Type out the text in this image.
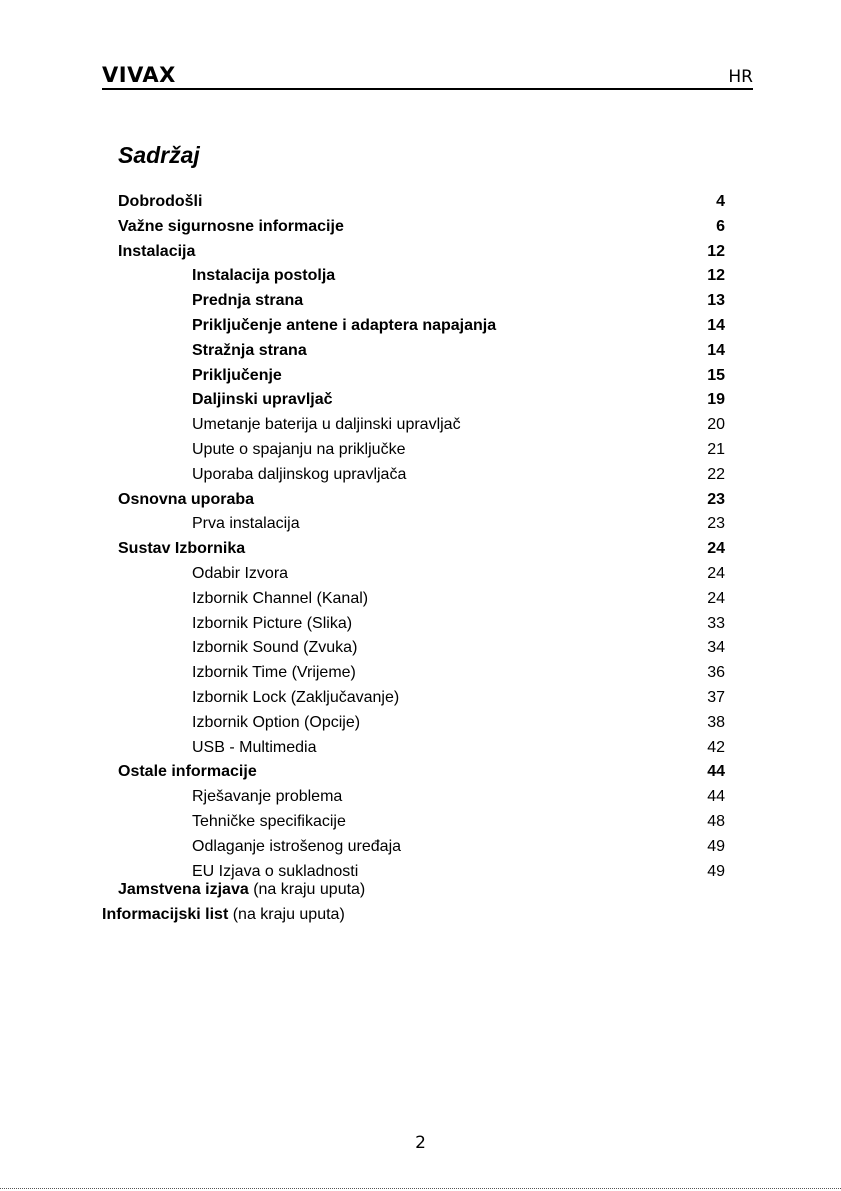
VIVAX	HR
Sadržaj
Dobrodošli	4
Važne sigurnosne informacije	6
Instalacija	12
Instalacija postolja	12
Prednja strana	13
Priključenje antene i adaptera napajanja	14
Stražnja strana	14
Priključenje	15
Daljinski upravljač	19
Umetanje baterija u daljinski upravljač	20
Upute o spajanju na priključke	21
Uporaba daljinskog upravljača	22
Osnovna uporaba	23
Prva instalacija	23
Sustav Izbornika	24
Odabir Izvora	24
Izbornik Channel (Kanal)	24
Izbornik Picture (Slika)	33
Izbornik Sound (Zvuka)	34
Izbornik Time (Vrijeme)	36
Izbornik Lock (Zaključavanje)	37
Izbornik Option (Opcije)	38
USB - Multimedia	42
Ostale informacije	44
Rješavanje problema	44
Tehničke specifikacije	48
Odlaganje istrošenog uređaja	49
EU Izjava o sukladnosti	49
Jamstvena izjava (na kraju uputa)
Informacijski list (na kraju uputa)
2
